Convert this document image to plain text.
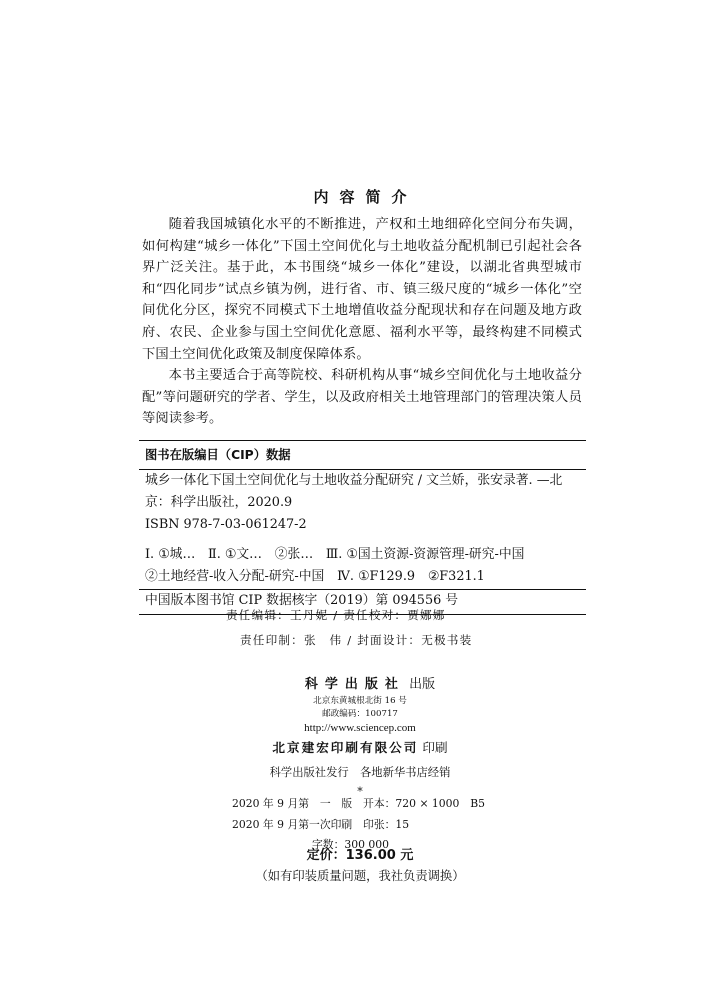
内容简介

随着我国城镇化水平的不断推进，产权和土地细碎化空间分布失调，如何构建“城乡一体化”下国土空间优化与土地收益分配机制已引起社会各界广泛关注。基于此，本书围绕“城乡一体化”建设，以湖北省典型城市和“四化同步”试点乡镇为例，进行省、市、镇三级尺度的“城乡一体化”空间优化分区，探究不同模式下土地增值收益分配现状和存在问题及地方政府、农民、企业参与国土空间优化意愿、福利水平等，最终构建不同模式下国土空间优化政策及制度保障体系。

本书主要适合于高等院校、科研机构从事“城乡空间优化与土地收益分配”等问题研究的学者、学生，以及政府相关土地管理部门的管理决策人员等阅读参考。

图书在版编目（CIP）数据
城乡一体化下国土空间优化与土地收益分配研究 / 文兰娇，张安录著. —北
京：科学出版社，2020.9
ISBN 978-7-03-061247-2
Ⅰ. ①城…　Ⅱ. ①文…　②张…　Ⅲ. ①国土资源-资源管理-研究-中国
②土地经营-收入分配-研究-中国　Ⅳ. ①F129.9　②F321.1
中国版本图书馆 CIP 数据核字（2019）第 094556 号
责任编辑：王丹妮 / 责任校对：贾娜娜
责任印制：张　伟 / 封面设计：无极书装
科学出版社 出版
北京东黄城根北街 16 号
邮政编码：100717
http://www.sciencep.com
北京建宏印刷有限公司 印刷
科学出版社发行　各地新华书店经销
*
2020 年 9 月第　一　版　开本：720 × 1000　B5
2020 年 9 月第一次印刷　印张：15
字数：300 000
定价：136.00 元
（如有印装质量问题，我社负责调换）
